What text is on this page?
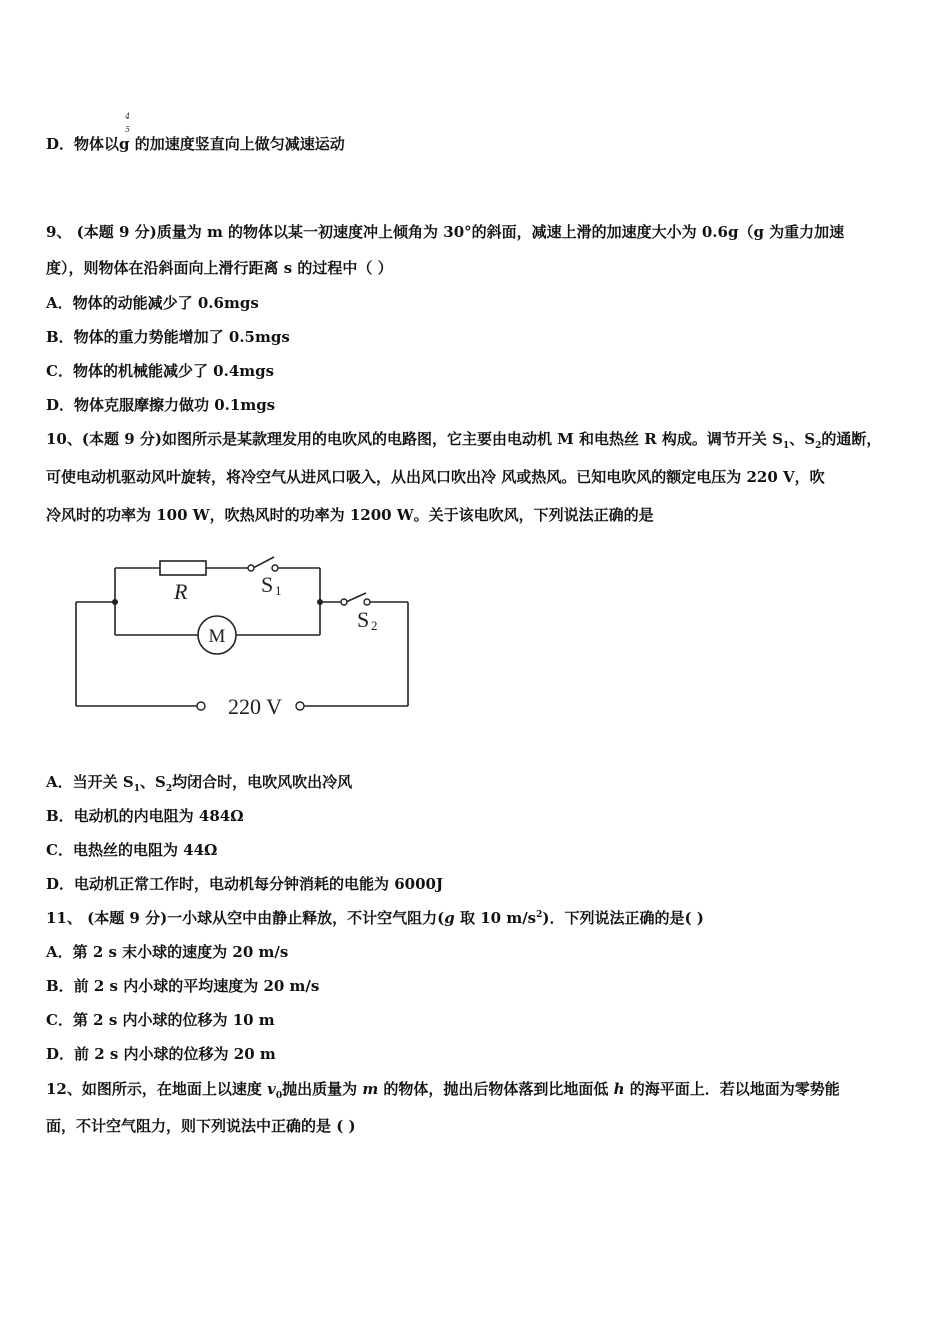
D．物体以g 的加速度竖直向上做匀减速运动
4
5
9、 (本题 9 分)质量为 m 的物体以某一初速度冲上倾角为 30°的斜面，减速上滑的加速度大小为 0.6g（g 为重力加速
度），则物体在沿斜面向上滑行距离 s 的过程中（ ）
A．物体的动能减少了 0.6mgs
B．物体的重力势能增加了 0.5mgs
C．物体的机械能减少了 0.4mgs
D．物体克服摩擦力做功 0.1mgs
10、(本题 9 分)如图所示是某款理发用的电吹风的电路图，它主要由电动机 M 和电热丝 R 构成。调节开关 $S_1$、$S_2$的通断，
可使电动机驱动风叶旋转，将冷空气从进风口吸入，从出风口吹出冷 风或热风。已知电吹风的额定电压为 220 V，吹
冷风时的功率为 100 W，吹热风时的功率为 1200 W。关于该电吹风，下列说法正确的是
R	S 1
S 2
M
220 V
A．当开关 $S_1$、$S_2$均闭合时，电吹风吹出冷风
B．电动机的内电阻为 484Ω
C．电热丝的电阻为 44Ω
D．电动机正常工作时，电动机每分钟消耗的电能为 6000J
11、 (本题 9 分)一小球从空中由静止释放，不计空气阻力(g 取 10 $m/s^2$)．下列说法正确的是( )
A．第 2 s 末小球的速度为 20 m/s
B．前 2 s 内小球的平均速度为 20 m/s
C．第 2 s 内小球的位移为 10 m
D．前 2 s 内小球的位移为 20 m
12、如图所示，在地面上以速度 $v_0$抛出质量为 m 的物体，抛出后物体落到比地面低 h 的海平面上．若以地面为零势能
面，不计空气阻力，则下列说法中正确的是 ( )
